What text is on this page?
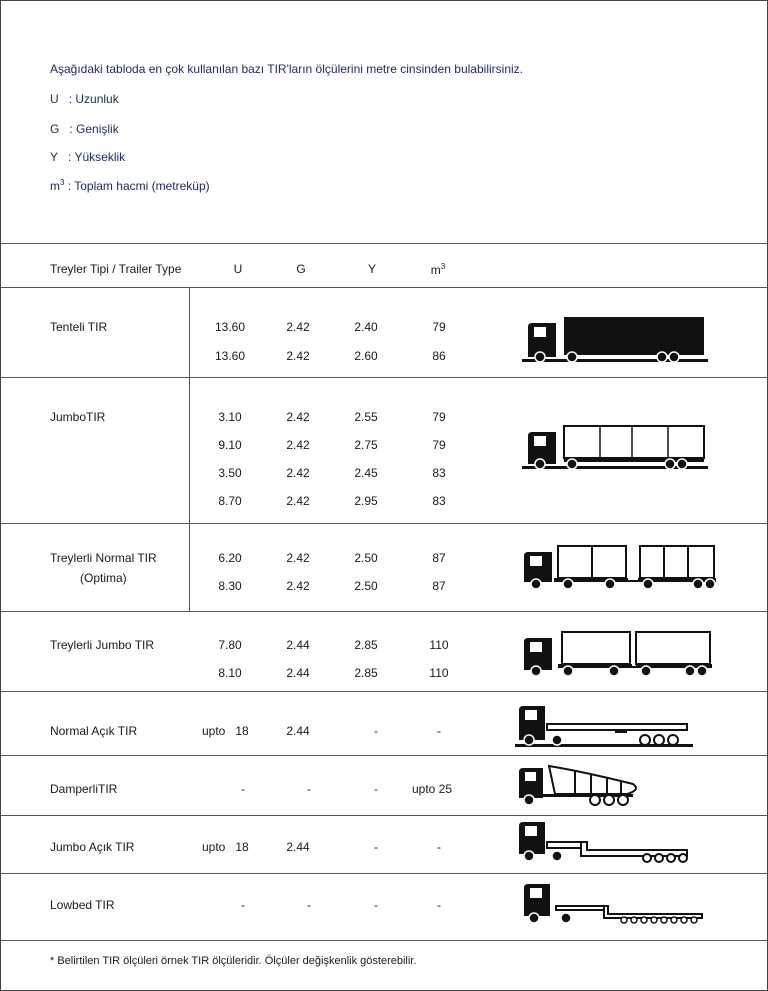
Aşağıdaki tabloda en çok kullanılan bazı TIR'ların ölçülerini metre cinsinden bulabilirsiniz.
U : Uzunluk
G : Genişlik
Y : Yükseklik
$m^3$ : Toplam hacmi (metreküp)
Treyler Tipi / Trailer Type	U	G	Y	$m^3$
Tenteli TIR	13.60	2.42	2.40	79
13.60	2.42	2.60	86
JumboTIR	3.10	2.42	2.55	79
9.10	2.42	2.75	79
3.50	2.42	2.45	83
8.70	2.42	2.95	83
Treylerli Normal TIR
(Optima)
6.20	2.42	2.50	87
8.30	2.42	2.50	87
Treylerli Jumbo TIR	7.80	2.44	2.85	110
8.10	2.44	2.85	110
Normal Açık TIR	upto   18	2.44	-	-
DamperliTIR	-	-	-	upto 25
Jumbo Açık TIR	upto   18	2.44	-	-
Lowbed TIR	-	-	-	-
* Belirtilen TIR ölçüleri örnek TIR ölçüleridir. Ölçüler değişkenlik gösterebilir.
